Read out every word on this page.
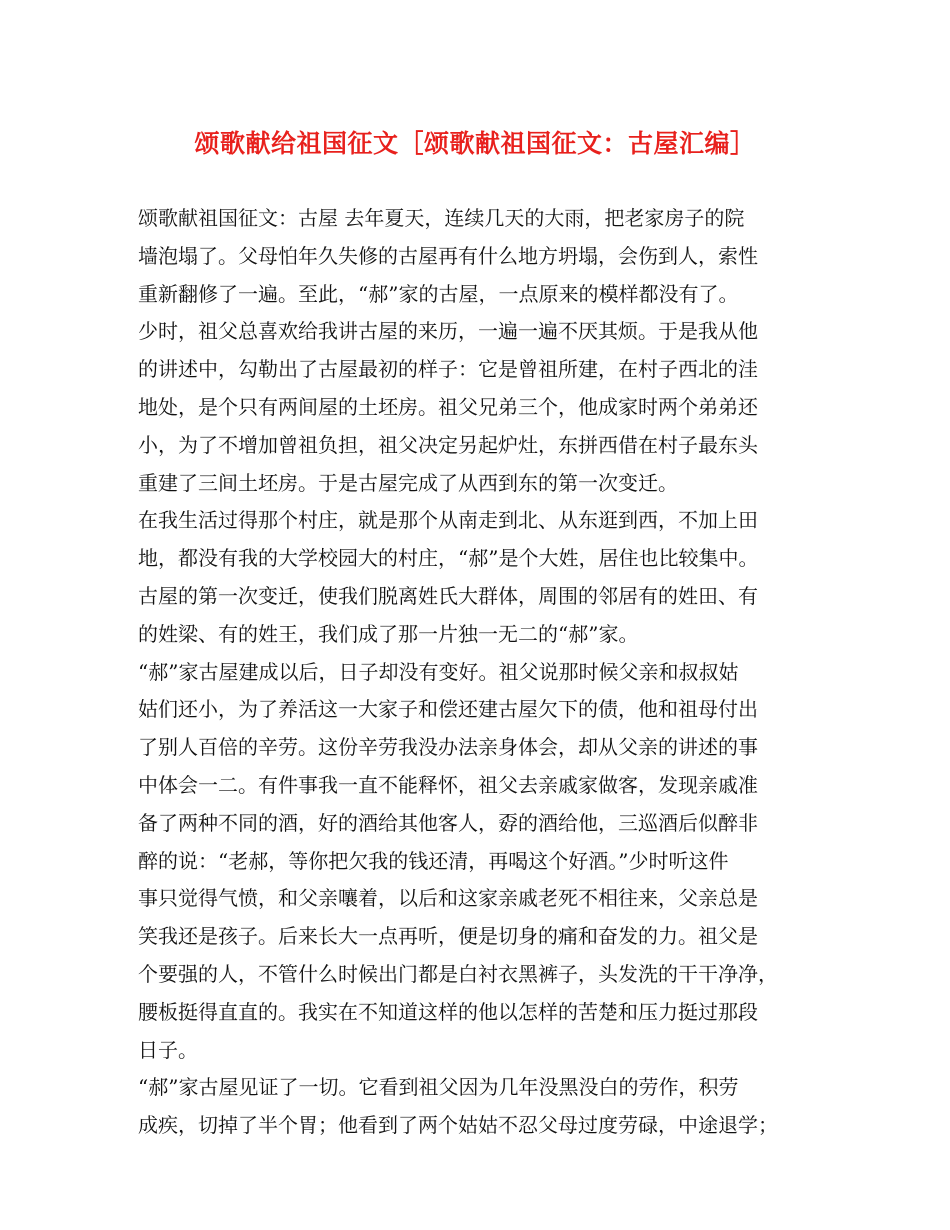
颂歌献给祖国征文［颂歌献祖国征文：古屋汇编］
颂歌献祖国征文：古屋 去年夏天，连续几天的大雨，把老家房子的院
墙泡塌了。父母怕年久失修的古屋再有什么地方坍塌，会伤到人，索性
重新翻修了一遍。至此，“郝”家的古屋，一点原来的模样都没有了。
少时，祖父总喜欢给我讲古屋的来历，一遍一遍不厌其烦。于是我从他
的讲述中，勾勒出了古屋最初的样子：它是曾祖所建，在村子西北的洼
地处，是个只有两间屋的土坯房。祖父兄弟三个，他成家时两个弟弟还
小，为了不增加曾祖负担，祖父决定另起炉灶，东拼西借在村子最东头
重建了三间土坯房。于是古屋完成了从西到东的第一次变迁。
在我生活过得那个村庄，就是那个从南走到北、从东逛到西，不加上田
地，都没有我的大学校园大的村庄，“郝”是个大姓，居住也比较集中。
古屋的第一次变迁，使我们脱离姓氏大群体，周围的邻居有的姓田、有
的姓梁、有的姓王，我们成了那一片独一无二的“郝”家。
“郝”家古屋建成以后，日子却没有变好。祖父说那时候父亲和叔叔姑
姑们还小，为了养活这一大家子和偿还建古屋欠下的债，他和祖母付出
了别人百倍的辛劳。这份辛劳我没办法亲身体会，却从父亲的讲述的事
中体会一二。有件事我一直不能释怀，祖父去亲戚家做客，发现亲戚准
备了两种不同的酒，好的酒给其他客人，孬的酒给他，三巡酒后似醉非
醉的说：“老郝，等你把欠我的钱还清，再喝这个好酒。”少时听这件
事只觉得气愤，和父亲嚷着，以后和这家亲戚老死不相往来，父亲总是
笑我还是孩子。后来长大一点再听，便是切身的痛和奋发的力。祖父是
个要强的人，不管什么时候出门都是白衬衣黑裤子，头发洗的干干净净，
腰板挺得直直的。我实在不知道这样的他以怎样的苦楚和压力挺过那段
日子。
“郝”家古屋见证了一切。它看到祖父因为几年没黑没白的劳作，积劳
成疾，切掉了半个胃；他看到了两个姑姑不忍父母过度劳碌，中途退学；
